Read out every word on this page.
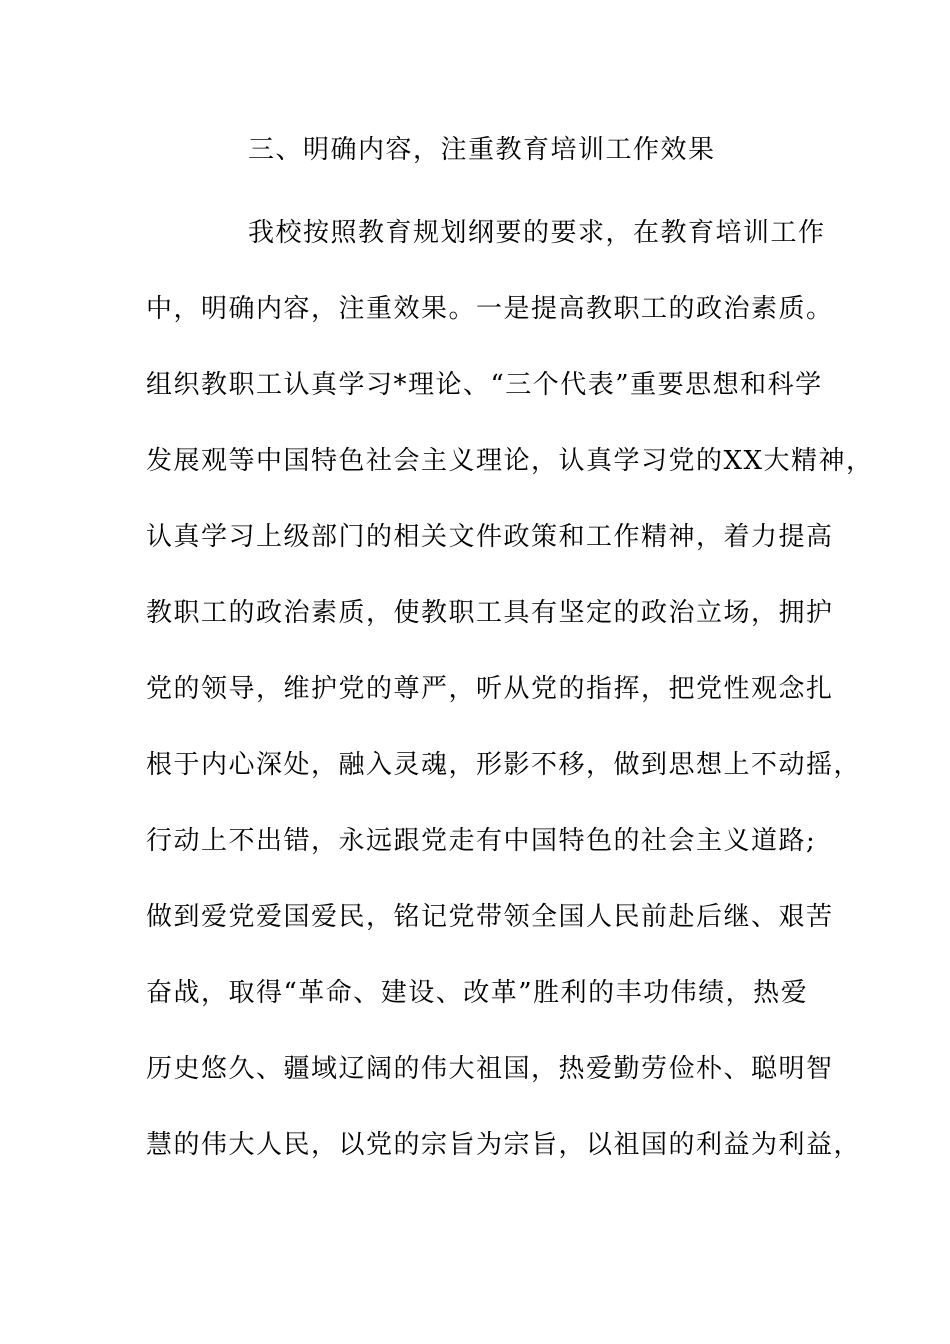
三、明确内容，注重教育培训工作效果
我校按照教育规划纲要的要求，在教育培训工作
中，明确内容，注重效果。一是提高教职工的政治素质。
组织教职工认真学习*理论、“三个代表”重要思想和科学
发展观等中国特色社会主义理论，认真学习党的XX大精神，
认真学习上级部门的相关文件政策和工作精神，着力提高
教职工的政治素质，使教职工具有坚定的政治立场，拥护
党的领导，维护党的尊严，听从党的指挥，把党性观念扎
根于内心深处，融入灵魂，形影不移，做到思想上不动摇，
行动上不出错，永远跟党走有中国特色的社会主义道路;
做到爱党爱国爱民，铭记党带领全国人民前赴后继、艰苦
奋战，取得“革命、建设、改革”胜利的丰功伟绩，热爱
历史悠久、疆域辽阔的伟大祖国，热爱勤劳俭朴、聪明智
慧的伟大人民，以党的宗旨为宗旨，以祖国的利益为利益，
